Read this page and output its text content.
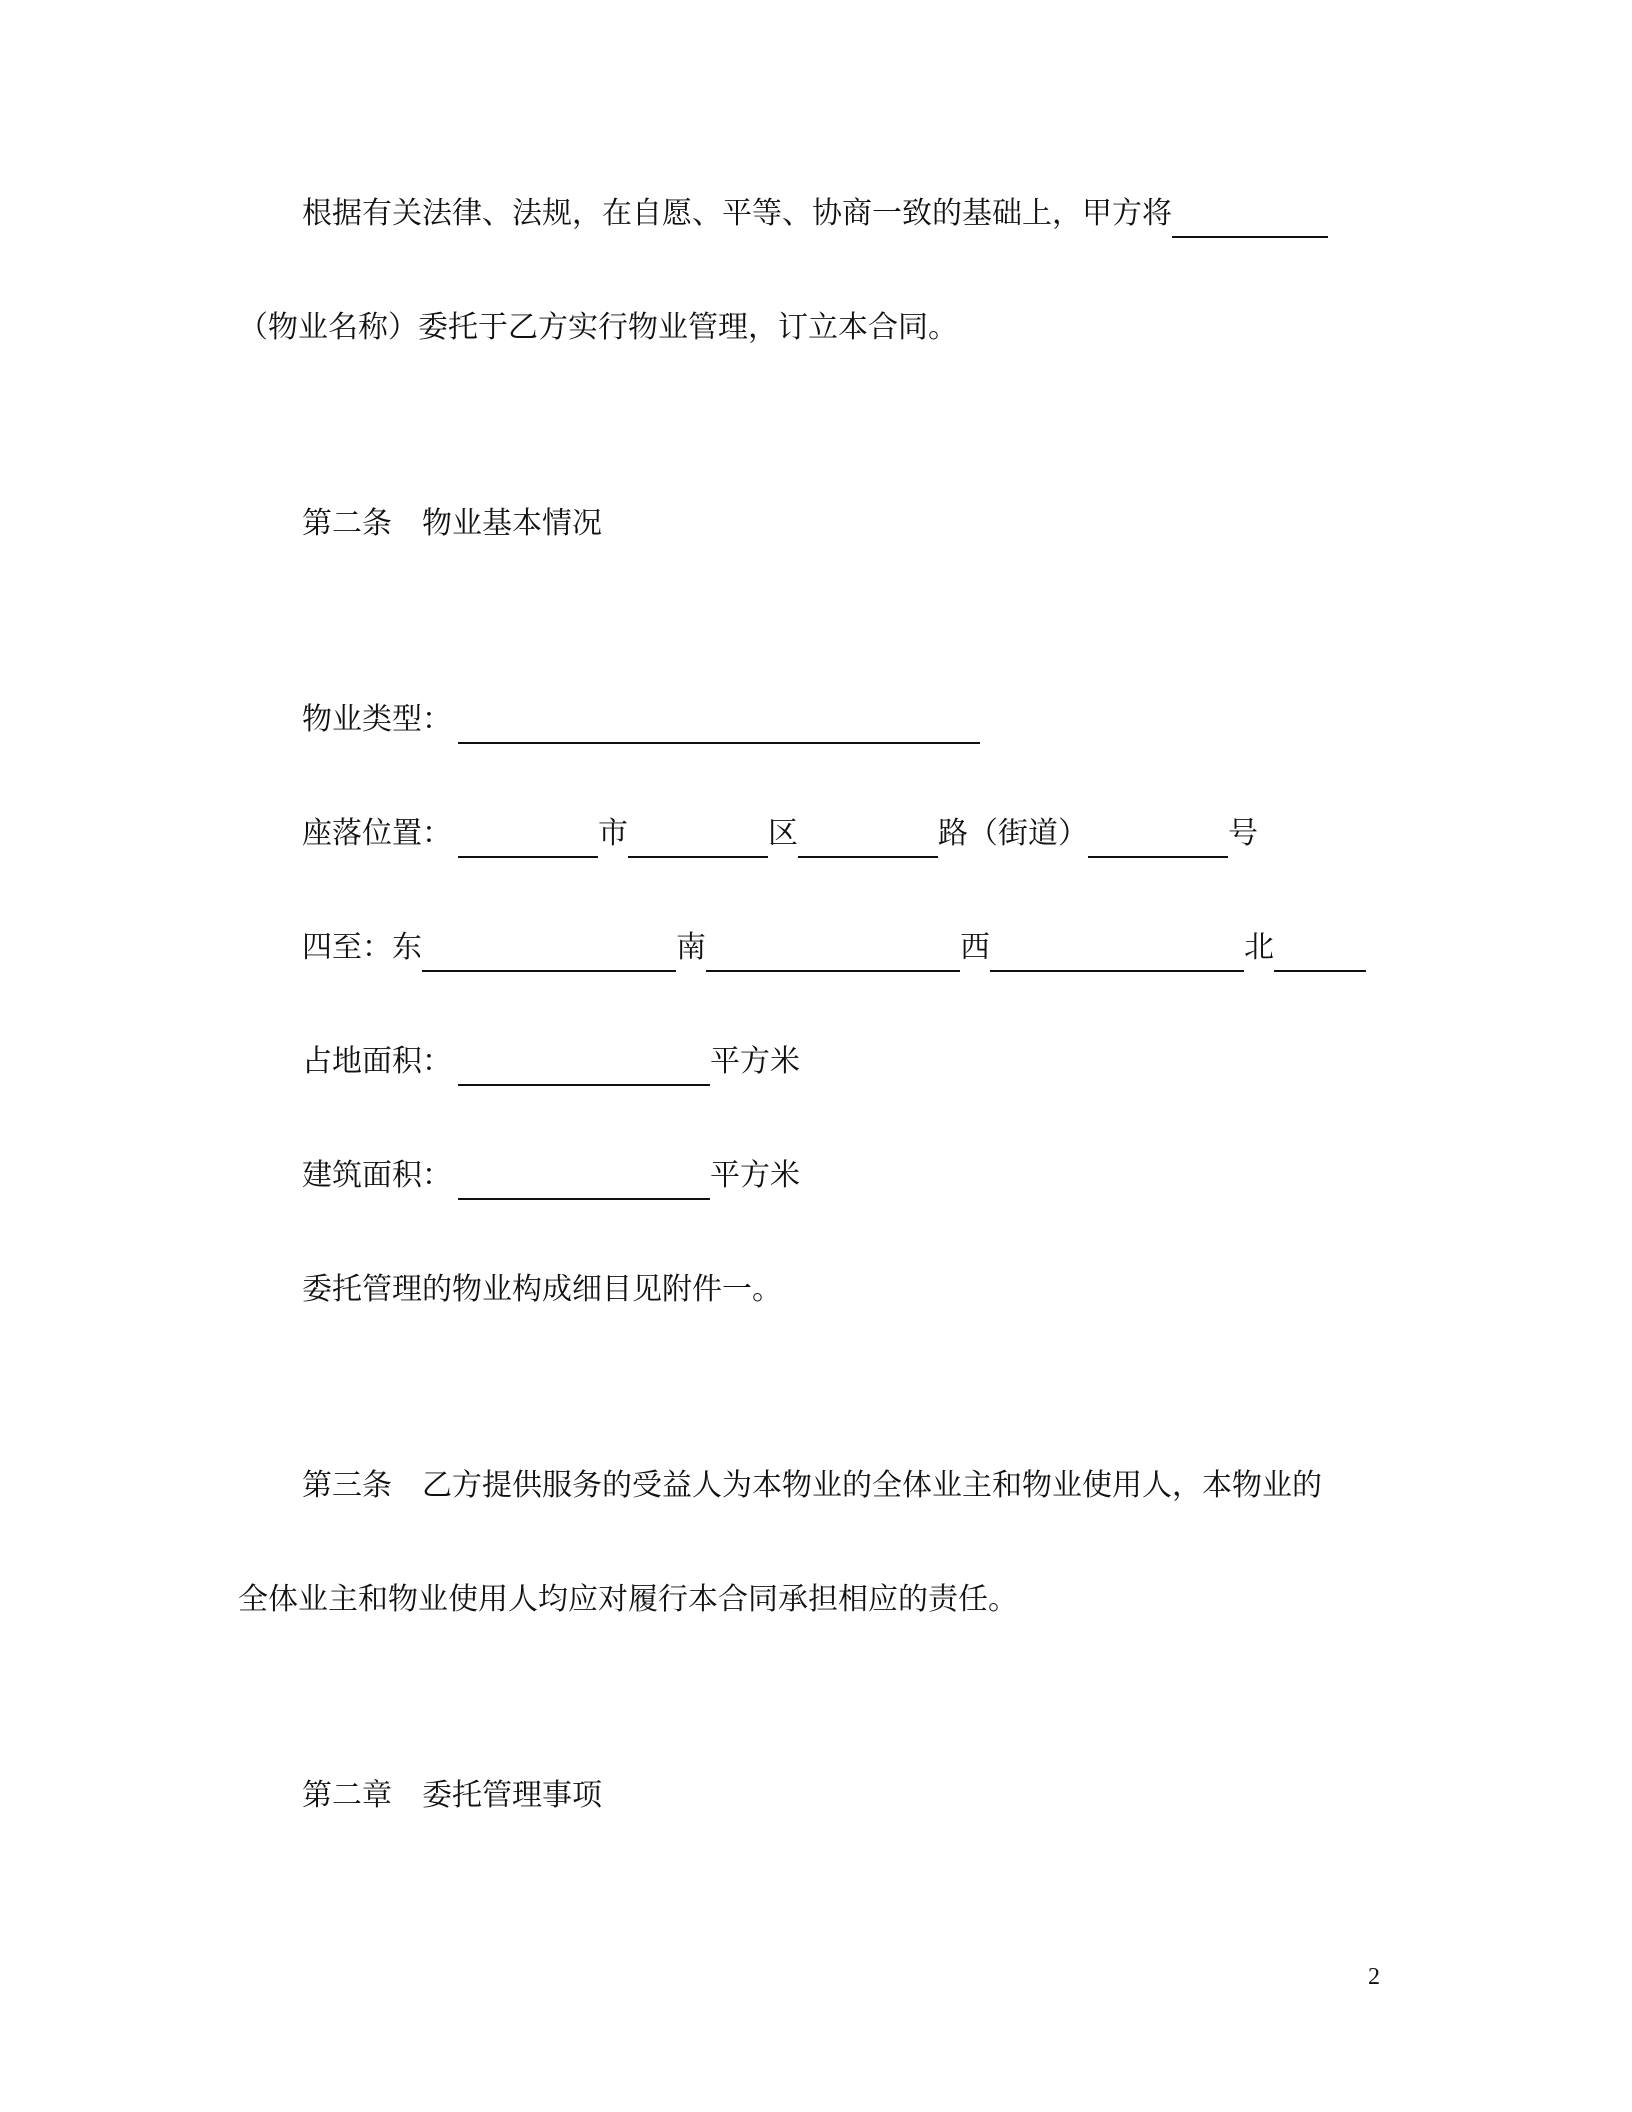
根据有关法律、法规，在自愿、平等、协商一致的基础上，甲方将
（物业名称）委托于乙方实行物业管理，订立本合同。
第二条 物业基本情况
物业类型：
座落位置：	市	区	路（街道）	号
四至：东	南	西	北
占地面积：	平方米
建筑面积：	平方米
委托管理的物业构成细目见附件一。
第三条 乙方提供服务的受益人为本物业的全体业主和物业使用人，本物业的
全体业主和物业使用人均应对履行本合同承担相应的责任。
第二章 委托管理事项
2
